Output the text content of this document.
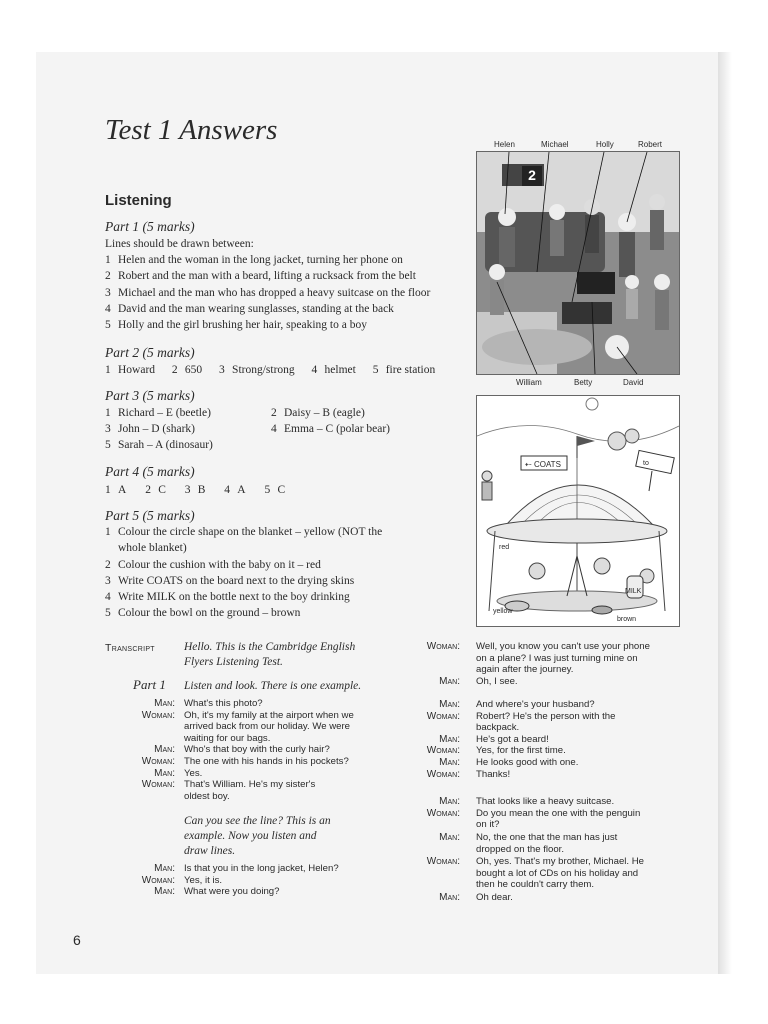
Test 1 Answers
Listening
Part 1 (5 marks)
Lines should be drawn between:
1 Helen and the woman in the long jacket, turning her phone on
2 Robert and the man with a beard, lifting a rucksack from the belt
3 Michael and the man who has dropped a heavy suitcase on the floor
4 David and the man wearing sunglasses, standing at the back
5 Holly and the girl brushing her hair, speaking to a boy
Part 2 (5 marks)
1 Howard 2 650 3 Strong/strong 4 helmet 5 fire station
Part 3 (5 marks)
1 Richard – E (beetle)	2 Daisy – B (eagle)
3 John – D (shark)	4 Emma – C (polar bear)
5 Sarah – A (dinosaur)
Part 4 (5 marks)
1 A 2 C 3 B 4 A 5 C
Part 5 (5 marks)
1 Colour the circle shape on the blanket – yellow (NOT the
whole blanket)
2 Colour the cushion with the baby on it – red
3 Write COATS on the board next to the drying skins
4 Write MILK on the bottle next to the boy drinking
5 Colour the bowl on the ground – brown
Transcript	Hello. This is the Cambridge English
Flyers Listening Test.
Part 1 Listen and look. There is one example.
Man: What's this photo?
Woman: Oh, it's my family at the airport when we
arrived back from our holiday. We were
waiting for our bags.
Man: Who's that boy with the curly hair?
Woman: The one with his hands in his pockets?
Man: Yes.
Woman: That's William. He's my sister's
oldest boy.
Can you see the line? This is an
example. Now you listen and
draw lines.
Man: Is that you in the long jacket, Helen?
Woman: Yes, it is.
Man: What were you doing?
Woman: Well, you know you can't use your phone
on a plane? I was just turning mine on
again after the journey.
Man: Oh, I see.
Man: And where's your husband?
Woman: Robert? He's the person with the
backpack.
Man: He's got a beard!
Woman: Yes, for the first time.
Man: He looks good with one.
Woman: Thanks!
Man: That looks like a heavy suitcase.
Woman: Do you mean the one with the penguin
on it?
Man: No, the one that the man has just
dropped on the floor.
Woman: Oh, yes. That's my brother, Michael. He
bought a lot of CDs on his holiday and
then he couldn't carry them.
Man: Oh dear.
Helen	Michael	Holly	Robert
2
William	Betty	David
⇠ COATS	to
red
yellow
brown
MILK
6
